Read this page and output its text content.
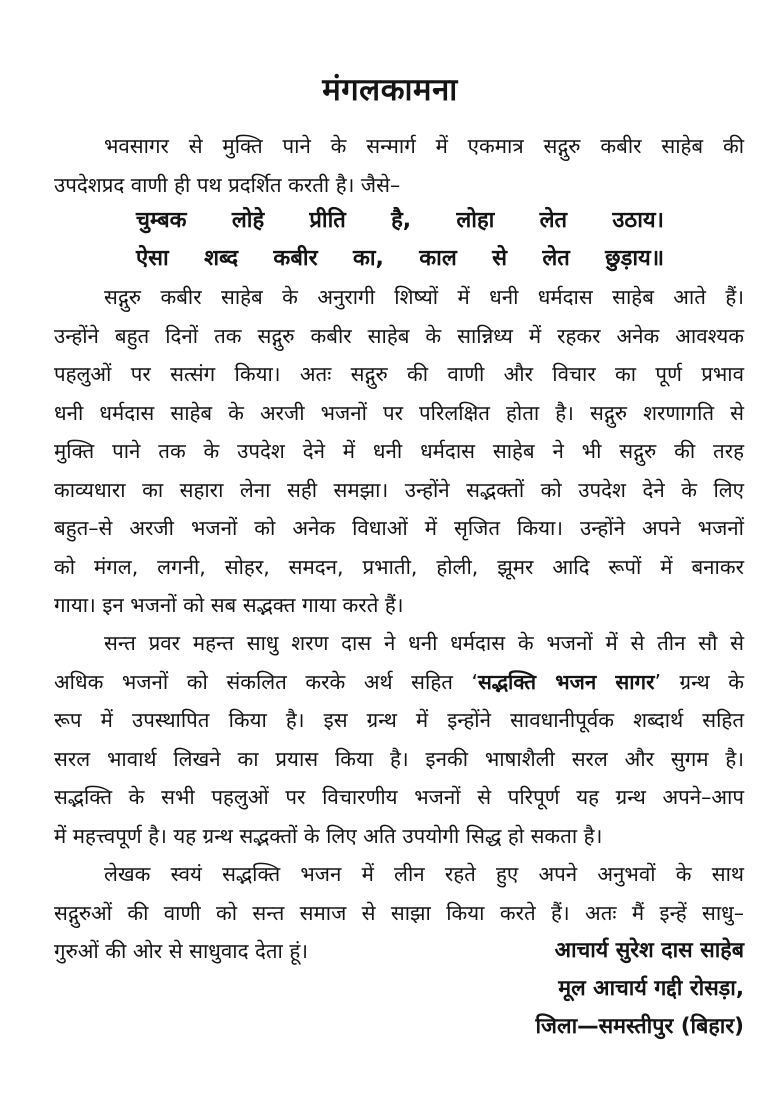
मंगलकामना
भवसागर से मुक्ति पाने के सन्मार्ग में एकमात्र सद्गुरु कबीर साहेब की
उपदेशप्रद वाणी ही पथ प्रदर्शित करती है। जैसे–
चुम्बक लोहे प्रीति है, लोहा लेत उठाय।
ऐसा शब्द कबीर का, काल से लेत छुड़ाय॥
सद्गुरु कबीर साहेब के अनुरागी शिष्यों में धनी धर्मदास साहेब आते हैं।
उन्होंने बहुत दिनों तक सद्गुरु कबीर साहेब के सान्निध्य में रहकर अनेक आवश्यक
पहलुओं पर सत्संग किया। अतः सद्गुरु की वाणी और विचार का पूर्ण प्रभाव
धनी धर्मदास साहेब के अरजी भजनों पर परिलक्षित होता है। सद्गुरु शरणागति से
मुक्ति पाने तक के उपदेश देने में धनी धर्मदास साहेब ने भी सद्गुरु की तरह
काव्यधारा का सहारा लेना सही समझा। उन्होंने सद्भक्तों को उपदेश देने के लिए
बहुत–से अरजी भजनों को अनेक विधाओं में सृजित किया। उन्होंने अपने भजनों
को मंगल, लगनी, सोहर, समदन, प्रभाती, होली, झूमर आदि रूपों में बनाकर
गाया। इन भजनों को सब सद्भक्त गाया करते हैं।
सन्त प्रवर महन्त साधु शरण दास ने धनी धर्मदास के भजनों में से तीन सौ से
अधिक भजनों को संकलित करके अर्थ सहित ‘सद्भक्ति भजन सागर’ ग्रन्थ के
रूप में उपस्थापित किया है। इस ग्रन्थ में इन्होंने सावधानीपूर्वक शब्दार्थ सहित
सरल भावार्थ लिखने का प्रयास किया है। इनकी भाषाशैली सरल और सुगम है।
सद्भक्ति के सभी पहलुओं पर विचारणीय भजनों से परिपूर्ण यह ग्रन्थ अपने–आप
में महत्त्वपूर्ण है। यह ग्रन्थ सद्भक्तों के लिए अति उपयोगी सिद्ध हो सकता है।
लेखक स्वयं सद्भक्ति भजन में लीन रहते हुए अपने अनुभवों के साथ
सद्गुरुओं की वाणी को सन्त समाज से साझा किया करते हैं। अतः मैं इन्हें साधु–
गुरुओं की ओर से साधुवाद देता हूं।	आचार्य सुरेश दास साहेब
मूल आचार्य गद्दी रोसड़ा,
जिला—समस्तीपुर (बिहार)
